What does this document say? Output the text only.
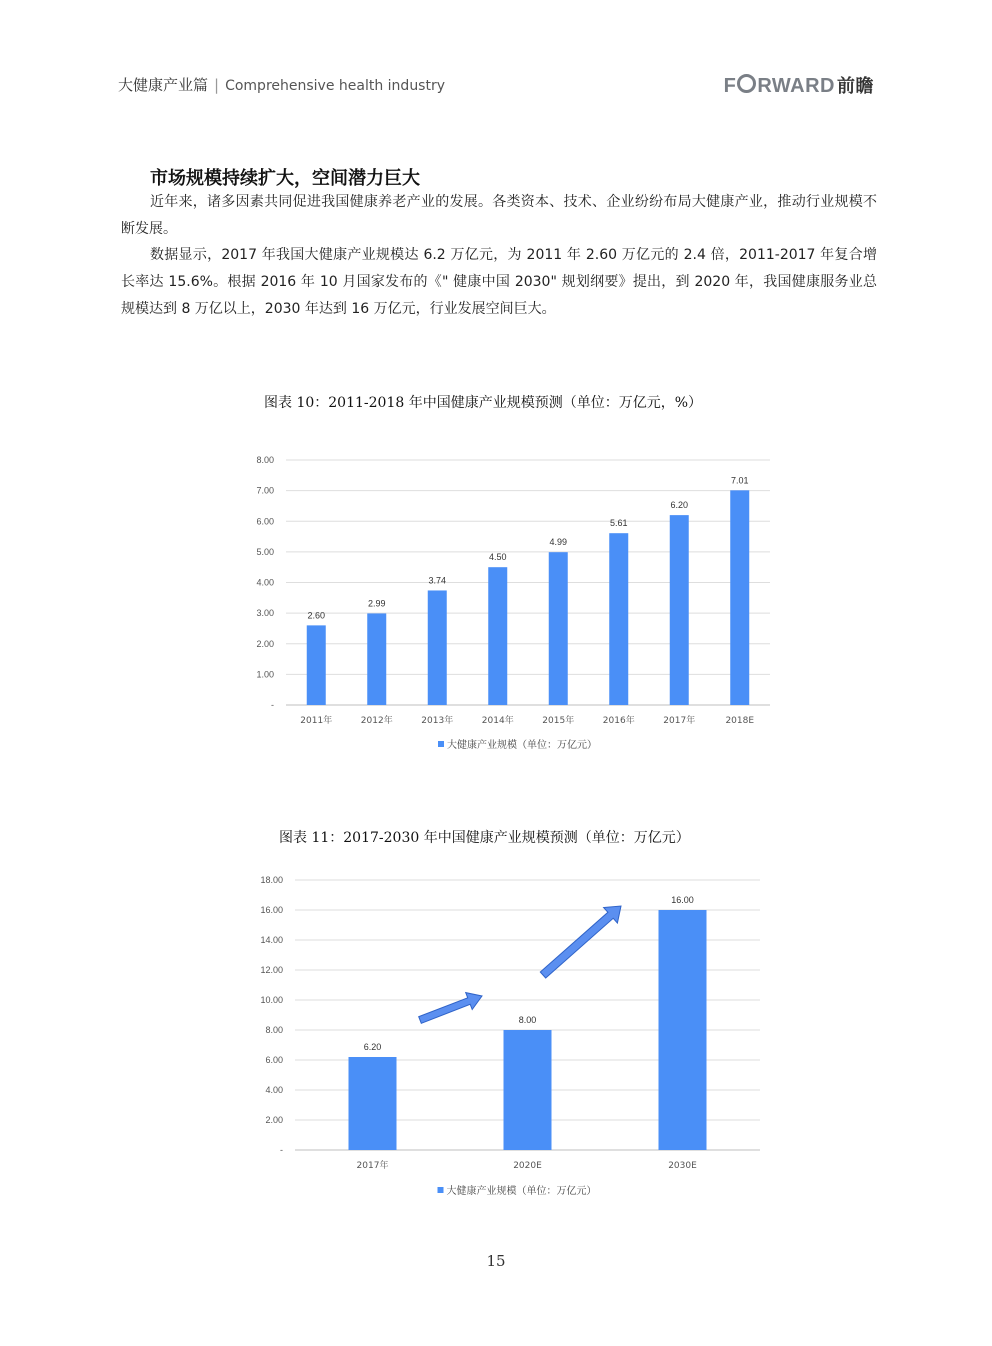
大健康产业篇 | Comprehensive health industry	F RWARD 前瞻
市场规模持续扩大，空间潜力巨大
近年来，诸多因素共同促进我国健康养老产业的发展。各类资本、技术、企业纷纷布局大健康产业，推动行业规模不断发展。
数据显示，2017 年我国大健康产业规模达 6.2 万亿元，为 2011 年 2.60 万亿元的 2.4 倍，2011-2017 年复合增长率达 15.6%。根据 2016 年 10 月国家发布的《" 健康中国 2030" 规划纲要》提出，到 2020 年，我国健康服务业总规模达到 8 万亿以上，2030 年达到 16 万亿元，行业发展空间巨大。
图表 10：2011-2018 年中国健康产业规模预测（单位：万亿元，%）
图表 11：2017-2030 年中国健康产业规模预测（单位：万亿元）
-
1.00
2.00
3.00
4.00
5.00
6.00
7.00
8.00
2.60
2011年
2.99
2012年
3.74
2013年
4.50
2014年
4.99
2015年
5.61
2016年
6.20
2017年
7.01
2018E
大健康产业规模（单位：万亿元）
-
2.00
4.00
6.00
8.00
10.00
12.00
14.00
16.00
18.00
6.20
2017年
8.00
2020E
16.00
2030E
大健康产业规模（单位：万亿元）
15
